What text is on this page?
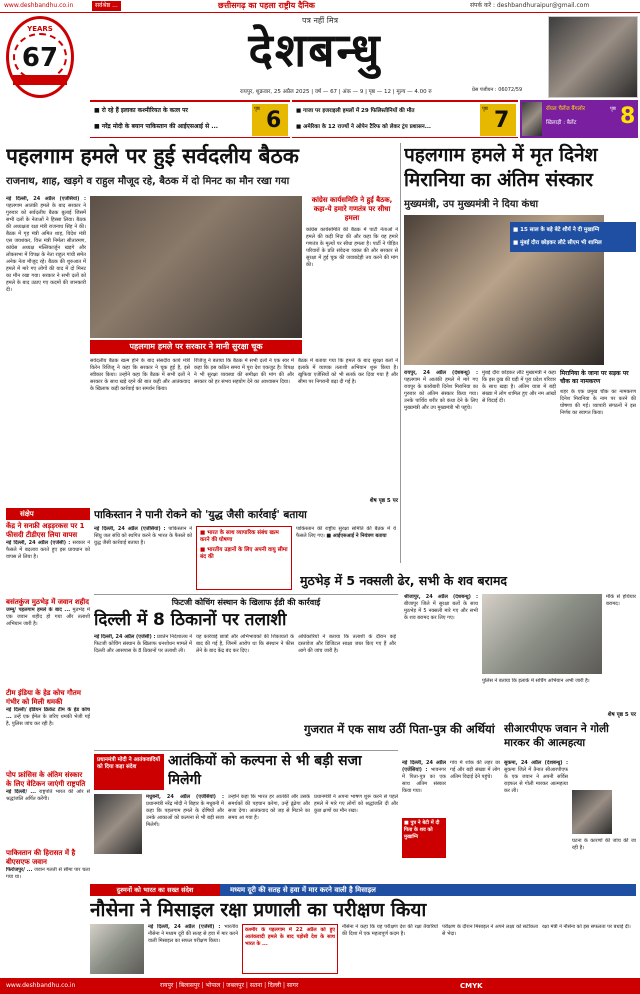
www.deshbandhu.co.in	सर्वश्रेष्ठ ...	छत्तीसगढ़ का पहला राष्ट्रीय दैनिक	संपर्क करें : deshbandhuraipur@gmail.com
YEARS
67
पत्र नहीं मित्र
देशबन्धु
रायपुर, शुक्रवार, 25 अप्रैल 2025 | वर्ष — 67 | अंक — 9 | पृष्ठ — 12 | मूल्य — 4.00 रु	प्रेस पंजीयन : 06072/59
■ रो रहे हैं इलाका कश्मीरियत के कत्ल पर
■ नरेंद्र मोदी के बयान पाकिस्तान की आईएसआई से ...
पृष्ठ 6	■ गाजा पर इजराइली हमलों में 29 फिलिस्तीनियों की मौत
■ अमेरिका के 12 राज्यों ने ओपेन टैरिफ को लेकर ट्रंप प्रशासन...
पृष्ठ 7	रॉयल चैलेंज बैंगलोर
खिलाड़ी : बैलेंट
पृष्ठ 8
पहलगाम हमले पर हुई सर्वदलीय बैठक
राजनाथ, शाह, खड़गे व राहुल मौजूद रहे, बैठक में दो मिनट का मौन रखा गया
नई दिल्ली, 24 अप्रैल (एजेंसियां) : पहलगाम आतंकी हमले के बाद सरकार ने गुरुवार को सर्वदलीय बैठक बुलाई जिसमें सभी दलों के नेताओं ने हिस्सा लिया। बैठक की अध्यक्षता रक्षा मंत्री राजनाथ सिंह ने की। बैठक में गृह मंत्री अमित शाह, विदेश मंत्री एस जयशंकर, वित्त मंत्री निर्मला सीतारमण, कांग्रेस अध्यक्ष मल्लिकार्जुन खड़गे और लोकसभा में विपक्ष के नेता राहुल गांधी समेत अनेक नेता मौजूद रहे। बैठक की शुरुआत में हमले में मारे गए लोगों की याद में दो मिनट का मौन रखा गया। सरकार ने सभी दलों को हमले के बाद उठाए गए कदमों की जानकारी दी।
पहलगाम हमले पर सरकार ने मानी सुरक्षा चूक
कांग्रेस कार्यसमिति ने हुई बैठक, कहा-ये हमारे गणतंत्र पर सीधा हमला
कांग्रेस कार्यसमिति की बैठक में पार्टी नेताओं ने हमले की कड़ी निंदा की और कहा कि यह हमारे गणतंत्र के मूल्यों पर सीधा हमला है। पार्टी ने पीड़ित परिवारों के प्रति संवेदना व्यक्त की और सरकार से सुरक्षा में हुई चूक की जवाबदेही तय करने की मांग की।
सर्वदलीय बैठक खत्म होने के बाद संसदीय कार्य मंत्री किरेन रिजिजू ने कहा कि सरकार ने चूक हुई है, इसे स्वीकार किया। उन्होंने कहा कि बैठक में सभी दलों ने सरकार के साथ खड़े रहने की बात कही और आतंकवाद के खिलाफ कड़ी कार्रवाई का समर्थन किया।
रिजिजू ने बताया कि बैठक में सभी दलों ने एक स्वर में कहा कि इस कठिन समय में पूरा देश एकजुट है। विपक्ष ने भी सुरक्षा व्यवस्था की समीक्षा की मांग की और सरकार को हर संभव सहयोग देने का आश्वासन दिया।
बैठक में बताया गया कि हमले के बाद सुरक्षा बलों ने इलाके में व्यापक तलाशी अभियान शुरू किया है। खुफिया एजेंसियों को भी सतर्क कर दिया गया है और सीमा पर निगरानी बढ़ा दी गई है।
शेष पृष्ठ 5 पर
पहलगाम हमले में मृत दिनेश मिरानिया का अंतिम संस्कार
मुख्यमंत्री, उप मुख्यमंत्री ने दिया कंधा
■ 15 साल के बड़े बेटे शौर्य ने दी मुखाग्नि
■ मुंबई दौरा छोड़कर लौटे सीएम भी शामिल
रायपुर, 24 अप्रैल (देशबन्धु) : पहलगाम में आतंकी हमले में मारे गए रायपुर के कारोबारी दिनेश मिरानिया का गुरुवार को अंतिम संस्कार किया गया। उनके पार्थिव शरीर को कंधा देने के लिए मुख्यमंत्री और उप मुख्यमंत्री भी पहुंचे।
मुंबई दौरा छोड़कर लौटे मुख्यमंत्री ने कहा कि इस दुख की घड़ी में पूरा प्रदेश परिवार के साथ खड़ा है। अंतिम यात्रा में बड़ी संख्या में लोग शामिल हुए और नम आंखों से विदाई दी।
मिरानिया के जाना पर सड़क पर चौक का नामकरण
शहर के एक प्रमुख चौक का नामकरण दिनेश मिरानिया के नाम पर करने की घोषणा की गई। व्यापारी संगठनों ने इस निर्णय का स्वागत किया।
संक्षेप
केंद्र ने सनफ्री अड़ड़रकस पर 1 फीसदी टीडीएस लिया वापस
नई दिल्ली, 24 अप्रैल (एजेंसी) : सरकार ने फैसले में बदलाव करते हुए इस प्रावधान को वापस ले लिया है।
बसंतकुंज मुठभेड़ में जवान शहीद
जम्मू/ पहलगाम हमले के बाद ... मुठभेड़ में एक जवान शहीद हो गया और तलाशी अभियान जारी है।
टीम इंडिया के हेड कोच गौतम गंभीर को मिली धमकी
नई दिल्ली/ इंडियन क्रिकेट टीम के हेड कोच ... उन्हें एक ईमेल के जरिए धमकी भेजी गई है, पुलिस जांच कर रही है।
पोप फ्रांसिस के अंतिम संस्कार के लिए वेटिकन जाएंगी राष्ट्रपति
नई दिल्ली/ ... राष्ट्रपति भारत की ओर से श्रद्धांजलि अर्पित करेंगी।
पाकिस्तान की हिरासत में है बीएसएफ जवान
फिरोजपुर/ ... जवान गलती से सीमा पार चला गया था।
पाकिस्तान ने पानी रोकने को 'युद्ध जैसी कार्रवाई' बताया
नई दिल्ली, 24 अप्रैल (एजेंसियां) : पाकिस्तान ने सिंधु जल संधि को स्थगित करने के भारत के फैसले को युद्ध जैसी कार्रवाई बताया है।
■ भारत के साथ व्यापारिक संबंध खत्म करने की घोषणा
■ भारतीय उड़ानों के लिए अपनी वायु सीमा बंद की
पाकिस्तान की राष्ट्रीय सुरक्षा समिति की बैठक में ये फैसले लिए गए। ■ आईएसआई ने नियंत्रण बताया
फिटजी कोचिंग संस्थान के खिलाफ ईडी की कार्रवाई
दिल्ली में 8 ठिकानों पर तलाशी
नई दिल्ली, 24 अप्रैल (एजेंसी) : प्रवर्तन निदेशालय ने फिटजी कोचिंग संस्थान के खिलाफ धनशोधन मामले में दिल्ली और आसपास के 8 ठिकानों पर तलाशी ली।
यह कार्रवाई छात्रों और अभिभावकों की शिकायतों के बाद की गई है, जिनमें आरोप था कि संस्थान ने फीस लेने के बाद केंद्र बंद कर दिए।
अधिकारियों ने बताया कि तलाशी के दौरान कई दस्तावेज और डिजिटल साक्ष्य जब्त किए गए हैं और आगे की जांच जारी है।
मुठभेड़ में 5 नक्सली ढेर, सभी के शव बरामद
श्रीजापुर, 24 अप्रैल (देशबन्धु) : बीजापुर जिले में सुरक्षा बलों के साथ मुठभेड़ में 5 नक्सली मारे गए और सभी के शव बरामद कर लिए गए।
मौके से हथियार बरामद।
पुलिस ने बताया कि इलाके में सर्चिंग अभियान अभी जारी है।
शेष पृष्ठ 5 पर
प्रधानमंत्री मोदी ने आतंकवादियों को दिया कड़ा संदेश	आतंकियों को कल्पना से भी बड़ी सजा मिलेगी
मधुबनी, 24 अप्रैल (एजेंसियां) : प्रधानमंत्री नरेंद्र मोदी ने बिहार के मधुबनी में कहा कि पहलगाम हमले के दोषियों और उनके आकाओं को कल्पना से भी बड़ी सजा मिलेगी।
उन्होंने कहा कि भारत हर आतंकी और उसके समर्थकों की पहचान करेगा, उन्हें ढूंढेगा और सजा देगा। आतंकवाद को जड़ से मिटाने का समय आ गया है।
प्रधानमंत्री ने अपना भाषण शुरू करने से पहले हमले में मारे गए लोगों को श्रद्धांजलि दी और कुछ क्षणों का मौन रखा।
गुजरात में एक साथ उठीं पिता-पुत्र की अर्थियां
नई दिल्ली, 24 अप्रैल (एजेंसियां) : भावनगर में पिता-पुत्र का एक साथ अंतिम संस्कार किया गया।
■ पुत्र ने बेटी में दी पिता के शव को मुखाग्नि
गांव में शोक की लहर छा गई और बड़ी संख्या में लोग अंतिम विदाई देने पहुंचे।
सीआरपीएफ जवान ने गोली मारकर की आत्महत्या
सुकमा, 24 अप्रैल (देशबन्धु) : सुकमा जिले में तैनात सीआरपीएफ के एक जवान ने अपनी सर्विस राइफल से गोली मारकर आत्महत्या कर ली।
घटना के कारणों की जांच की जा रही है।
दुश्मनों को भारत का सख्त संदेश	मध्यम दूरी की सतह से हवा में मार करने वाली है मिसाइल
नौसेना ने मिसाइल रक्षा प्रणाली का परीक्षण किया
नई दिल्ली, 24 अप्रैल (एजेंसी) : भारतीय नौसेना ने मध्यम दूरी की सतह से हवा में मार करने वाली मिसाइल का सफल परीक्षण किया।
कश्मीर के पहलगाम में 22 अप्रैल को हुए आतंकवादी हमले के बाद पड़ोसी देश के साथ भारत के ...
नौसेना ने कहा कि यह परीक्षण देश की रक्षा तैयारियों की दिशा में एक महत्वपूर्ण कदम है।
परीक्षण के दौरान मिसाइल ने अपने लक्ष्य को सटीकता से भेदा।
रक्षा मंत्री ने नौसेना को इस सफलता पर बधाई दी।
www.deshbandhu.co.in	रायपुर | बिलासपुर | भोपाल | जबलपुर | सतना | दिल्ली | सागर	CMYK
